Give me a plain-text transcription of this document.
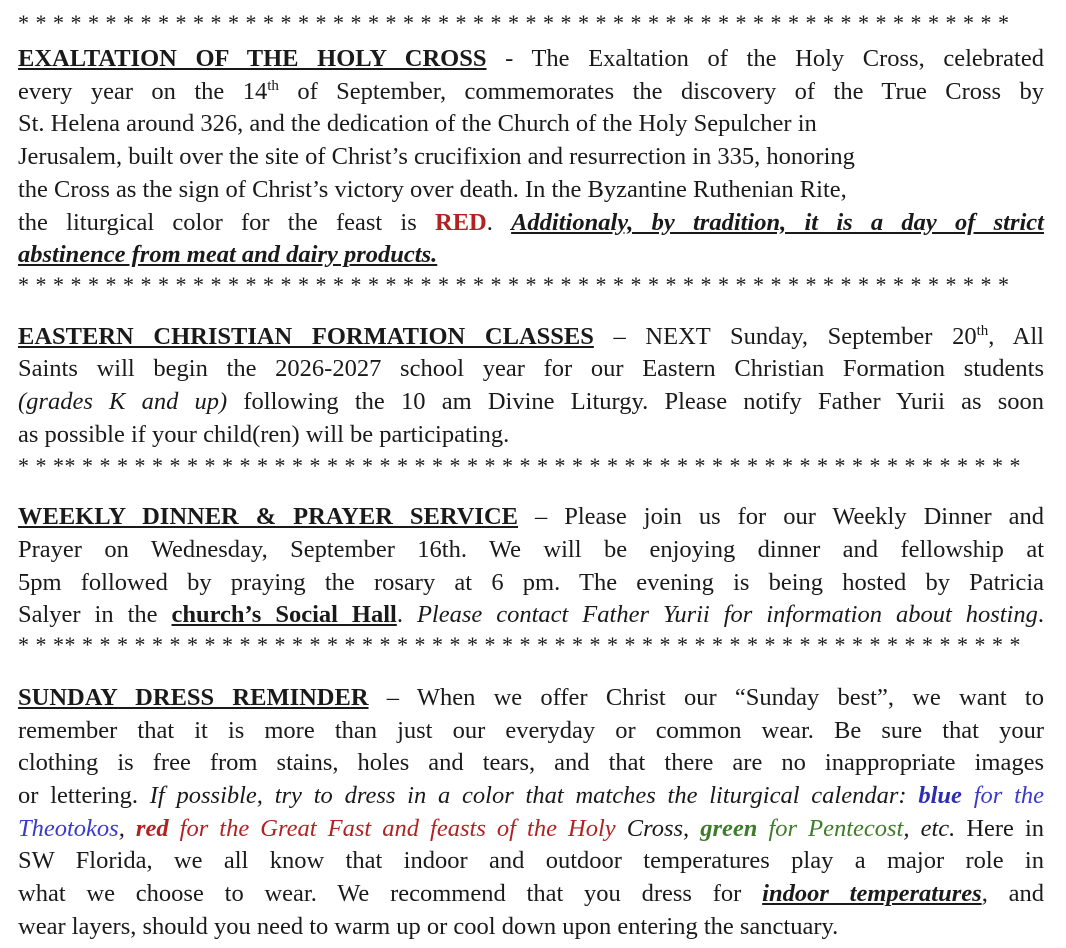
* * * * * * * * * * * * * * * * * * * * * * * * * * * * * * * * * * * * * * * * * * * * * * * * * * * * * * * * *
EXALTATION OF THE HOLY CROSS - The Exaltation of the Holy Cross, celebrated
every year on the 14th of September, commemorates the discovery of the True Cross by
St. Helena around 326, and the dedication of the Church of the Holy Sepulcher in
Jerusalem, built over the site of Christ’s crucifixion and resurrection in 335, honoring
the Cross as the sign of Christ’s victory over death. In the Byzantine Ruthenian Rite,
the liturgical color for the feast is RED. Additionaly, by tradition, it is a day of strict
abstinence from meat and dairy products.
* * * * * * * * * * * * * * * * * * * * * * * * * * * * * * * * * * * * * * * * * * * * * * * * * * * * * * * * *
EASTERN CHRISTIAN FORMATION CLASSES – NEXT Sunday, September 20th, All
Saints will begin the 2026-2027 school year for our Eastern Christian Formation students
(grades K and up) following the 10 am Divine Liturgy. Please notify Father Yurii as soon
as possible if your child(ren) will be participating.
* * ** * * * * * * * * * * * * * * * * * * * * * * * * * * * * * * * * * * * * * * * * * * * * * * * * * * * * * *
WEEKLY DINNER & PRAYER SERVICE – Please join us for our Weekly Dinner and
Prayer on Wednesday, September 16th. We will be enjoying dinner and fellowship at
5pm followed by praying the rosary at 6 pm. The evening is being hosted by Patricia
Salyer in the church’s Social Hall. Please contact Father Yurii for information about hosting.
* * ** * * * * * * * * * * * * * * * * * * * * * * * * * * * * * * * * * * * * * * * * * * * * * * * * * * * * * *
SUNDAY DRESS REMINDER – When we offer Christ our “Sunday best”, we want to
remember that it is more than just our everyday or common wear. Be sure that your
clothing is free from stains, holes and tears, and that there are no inappropriate images
or lettering. If possible, try to dress in a color that matches the liturgical calendar: blue for the
Theotokos, red for the Great Fast and feasts of the Holy Cross, green for Pentecost, etc. Here in
SW Florida, we all know that indoor and outdoor temperatures play a major role in
what we choose to wear. We recommend that you dress for indoor temperatures, and
wear layers, should you need to warm up or cool down upon entering the sanctuary.
